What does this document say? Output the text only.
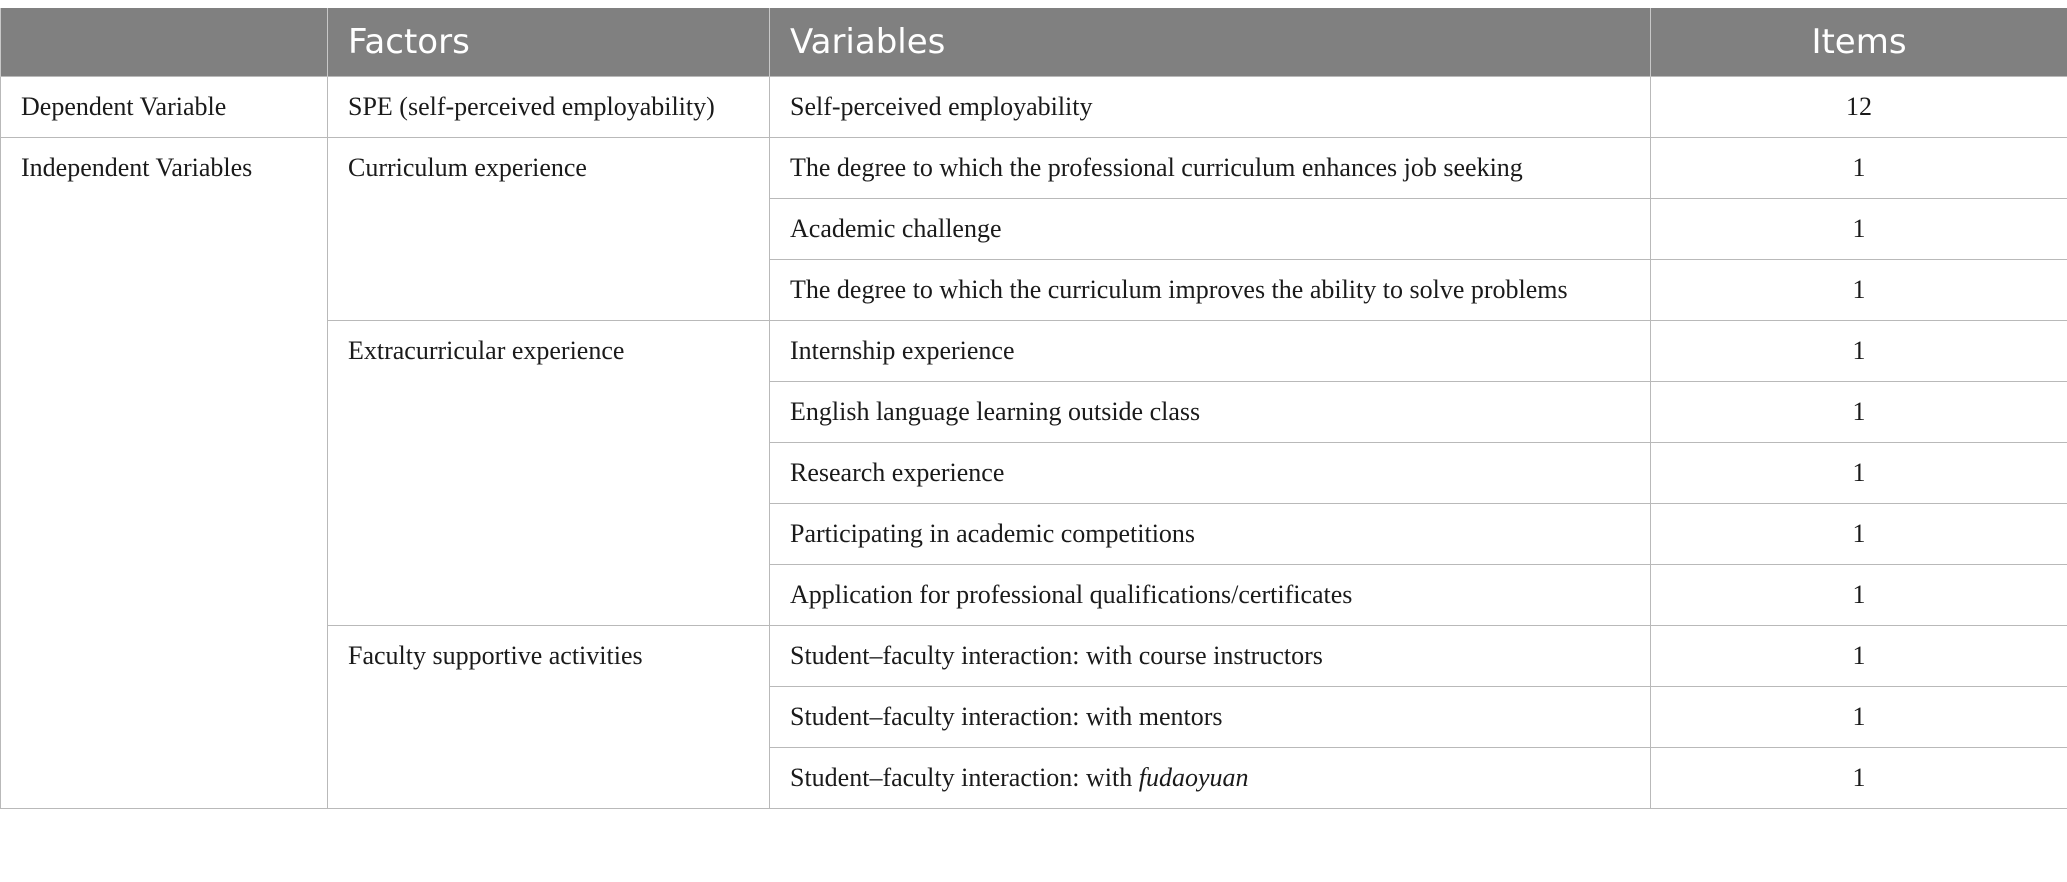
	Factors	Variables	Items
Dependent Variable	SPE (self-perceived employability)	Self-perceived employability	12
Independent Variables	Curriculum experience	The degree to which the professional curriculum enhances job seeking	1
		Academic challenge	1
		The degree to which the curriculum improves the ability to solve problems	1
	Extracurricular experience	Internship experience	1
		English language learning outside class	1
		Research experience	1
		Participating in academic competitions	1
		Application for professional qualifications/certificates	1
	Faculty supportive activities	Student–faculty interaction: with course instructors	1
		Student–faculty interaction: with mentors	1
		Student–faculty interaction: with fudaoyuan	1
